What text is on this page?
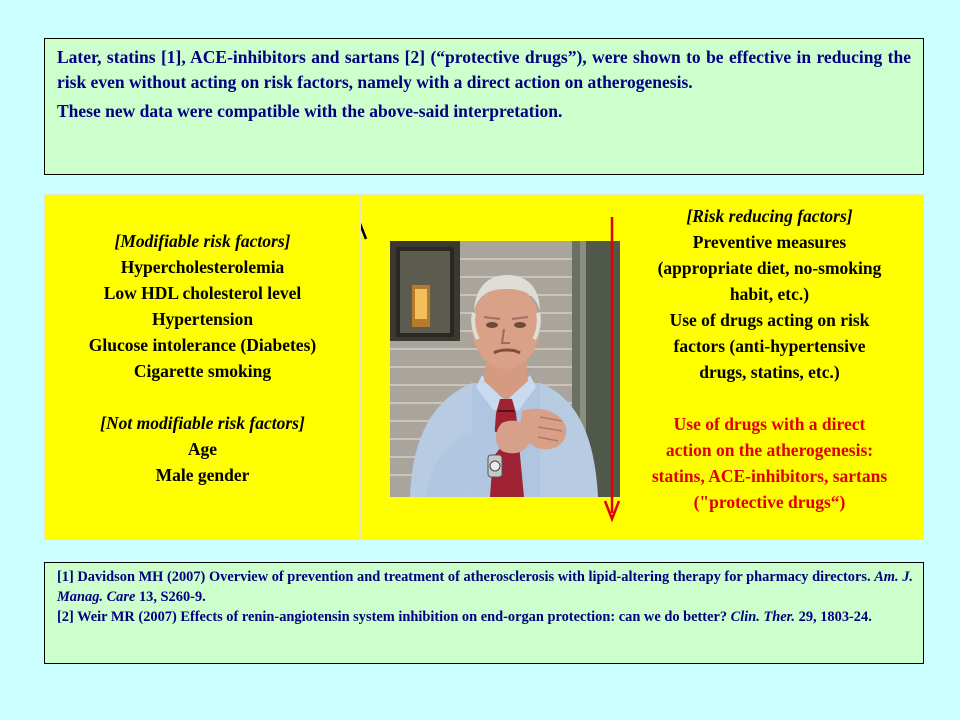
Later, statins [1], ACE-inhibitors and sartans [2] (“protective drugs”), were shown to be effective in reducing the risk even without acting on risk factors, namely with a direct action on atherogenesis.

These new data were compatible with the above-said interpretation.

[Modifiable risk factors]
Hypercholesterolemia
Low HDL cholesterol level
Hypertension
Glucose intolerance (Diabetes)
Cigarette smoking
[Not modifiable risk factors]
Age
Male gender
[Risk reducing factors]
Preventive measures
(appropriate diet, no-smoking
habit, etc.)
Use of drugs acting on risk
factors (anti-hypertensive
drugs, statins, etc.)
Use of drugs with a direct
action on the atherogenesis:
statins, ACE-inhibitors, sartans
("protective drugs“)

[1] Davidson MH (2007) Overview of prevention and treatment of atherosclerosis with lipid-altering therapy for pharmacy directors. Am. J. Manag. Care 13, S260-9.

[2] Weir MR (2007) Effects of renin-angiotensin system inhibition on end-organ protection: can we do better? Clin. Ther. 29, 1803-24.
